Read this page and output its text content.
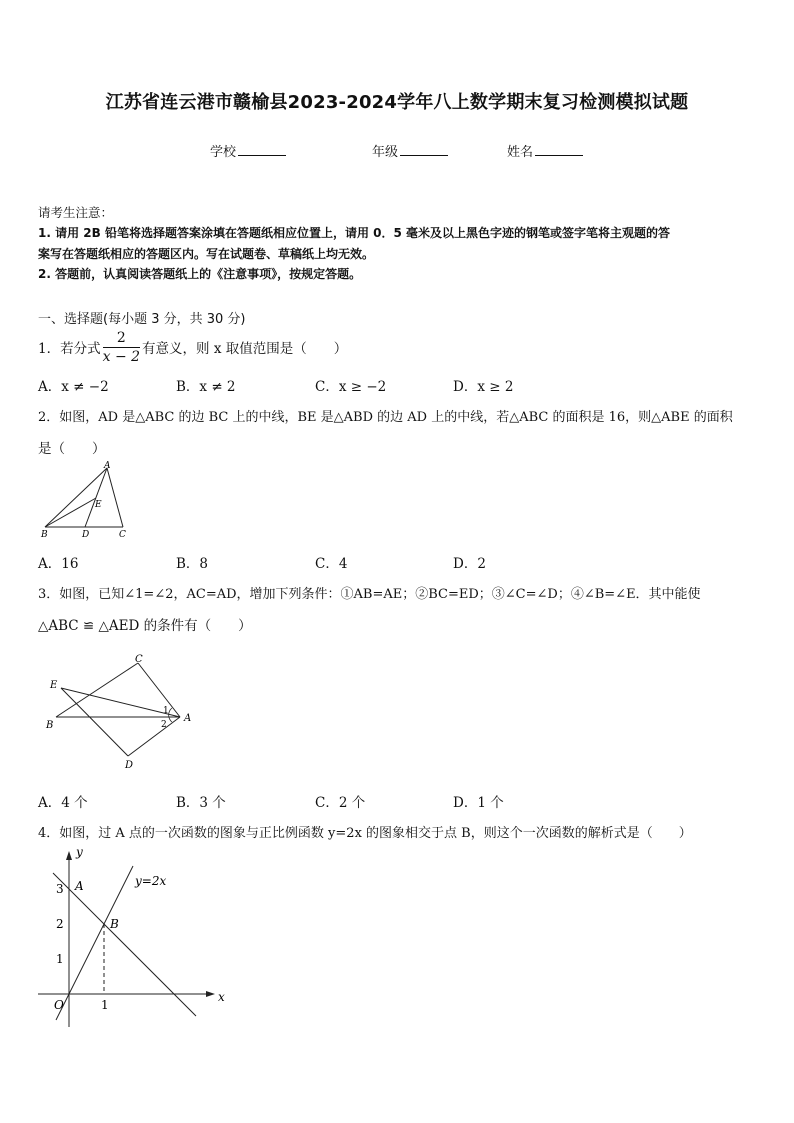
江苏省连云港市赣榆县2023-2024学年八上数学期末复习检测模拟试题
学校	年级	姓名
请考生注意：
1. 请用 2B 铅笔将选择题答案涂填在答题纸相应位置上，请用 0．5 毫米及以上黑色字迹的钢笔或签字笔将主观题的答
案写在答题纸相应的答题区内。写在试题卷、草稿纸上均无效。
2. 答题前，认真阅读答题纸上的《注意事项》，按规定答题。
一、选择题(每小题 3 分，共 30 分)
1．若分式 $\frac{2}{x - 2}$ 有意义，则 x 取值范围是（　　）
A．x ≠ −2	B．x ≠ 2	C．x ≥ −2	D．x ≥ 2
2．如图，AD 是△ABC 的边 BC 上的中线，BE 是△ABD 的边 AD 上的中线，若△ABC 的面积是 16，则△ABE 的面积
是（　　）
A
E
B	D	C
A．16	B．8	C．4	D．2
3．如图，已知∠1=∠2，AC=AD，增加下列条件：①AB=AE；②BC=ED；③∠C=∠D；④∠B=∠E．其中能使
△ABC ≌ △AED 的条件有（　　）
C
E
B
A
D
1
2
A．4 个	B．3 个	C．2 个	D．1 个
4．如图，过 A 点的一次函数的图象与正比例函数 y=2x 的图象相交于点 B，则这个一次函数的解析式是（　　）
y
x
O
y=2x
A
B
3
2
1
1
